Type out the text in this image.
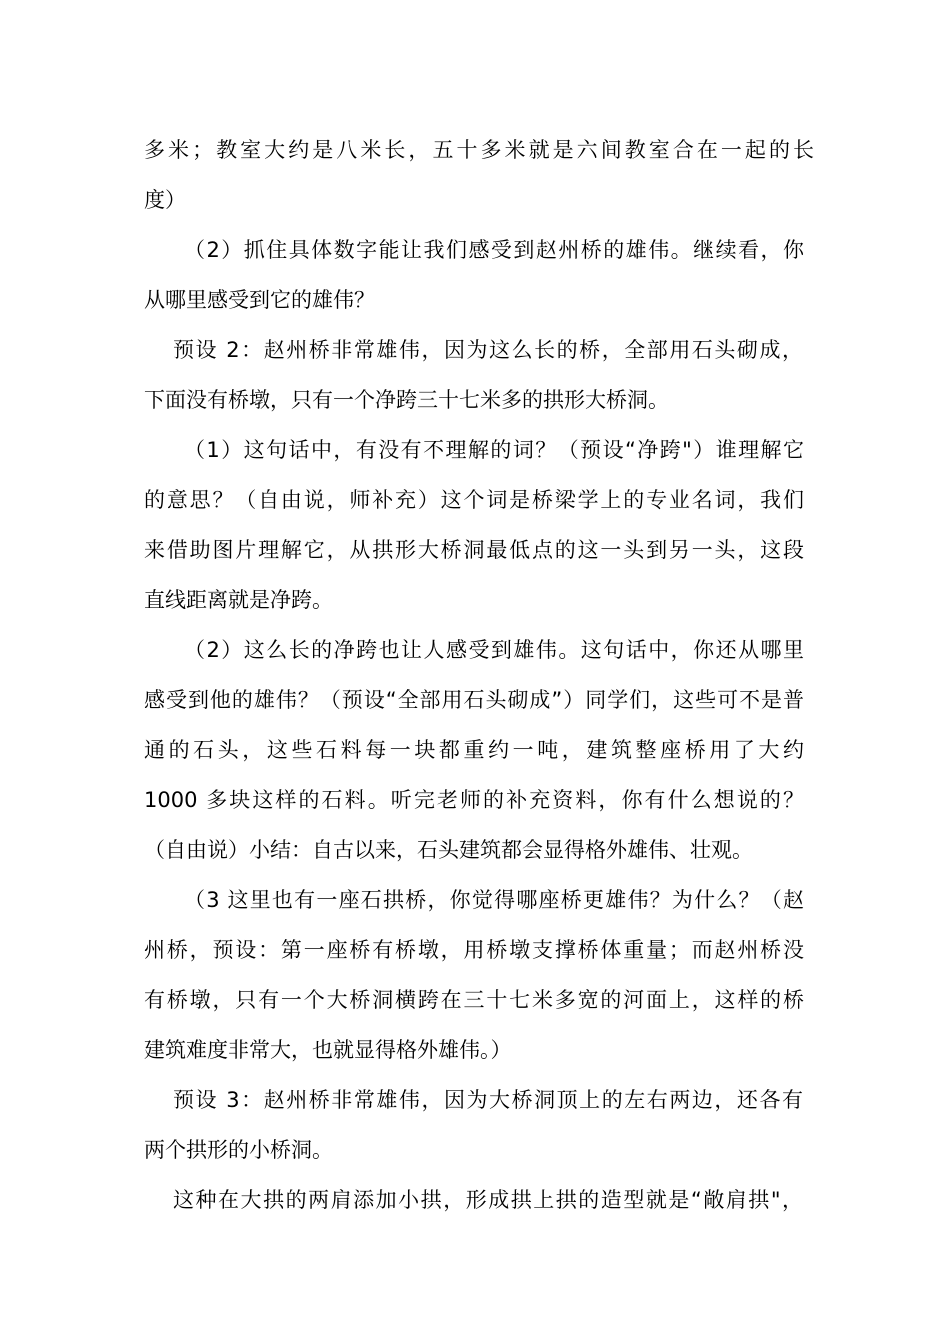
多米；教室大约是八米长，五十多米就是六间教室合在一起的长
度）
（2）抓住具体数字能让我们感受到赵州桥的雄伟。继续看，你
从哪里感受到它的雄伟？
预设 2：赵州桥非常雄伟，因为这么长的桥，全部用石头砌成，
下面没有桥墩，只有一个净跨三十七米多的拱形大桥洞。
（1）这句话中，有没有不理解的词？（预设“净跨"）谁理解它
的意思？（自由说，师补充）这个词是桥梁学上的专业名词，我们
来借助图片理解它，从拱形大桥洞最低点的这一头到另一头，这段
直线距离就是净跨。
（2）这么长的净跨也让人感受到雄伟。这句话中，你还从哪里
感受到他的雄伟？（预设“全部用石头砌成”）同学们，这些可不是普
通的石头，这些石料每一块都重约一吨，建筑整座桥用了大约
1000 多块这样的石料。听完老师的补充资料，你有什么想说的？
（自由说）小结：自古以来，石头建筑都会显得格外雄伟、壮观。
（3 这里也有一座石拱桥，你觉得哪座桥更雄伟？为什么？（赵
州桥，预设：第一座桥有桥墩，用桥墩支撑桥体重量；而赵州桥没
有桥墩，只有一个大桥洞横跨在三十七米多宽的河面上，这样的桥
建筑难度非常大，也就显得格外雄伟。）
预设 3：赵州桥非常雄伟，因为大桥洞顶上的左右两边，还各有
两个拱形的小桥洞。
这种在大拱的两肩添加小拱，形成拱上拱的造型就是“敞肩拱"，
